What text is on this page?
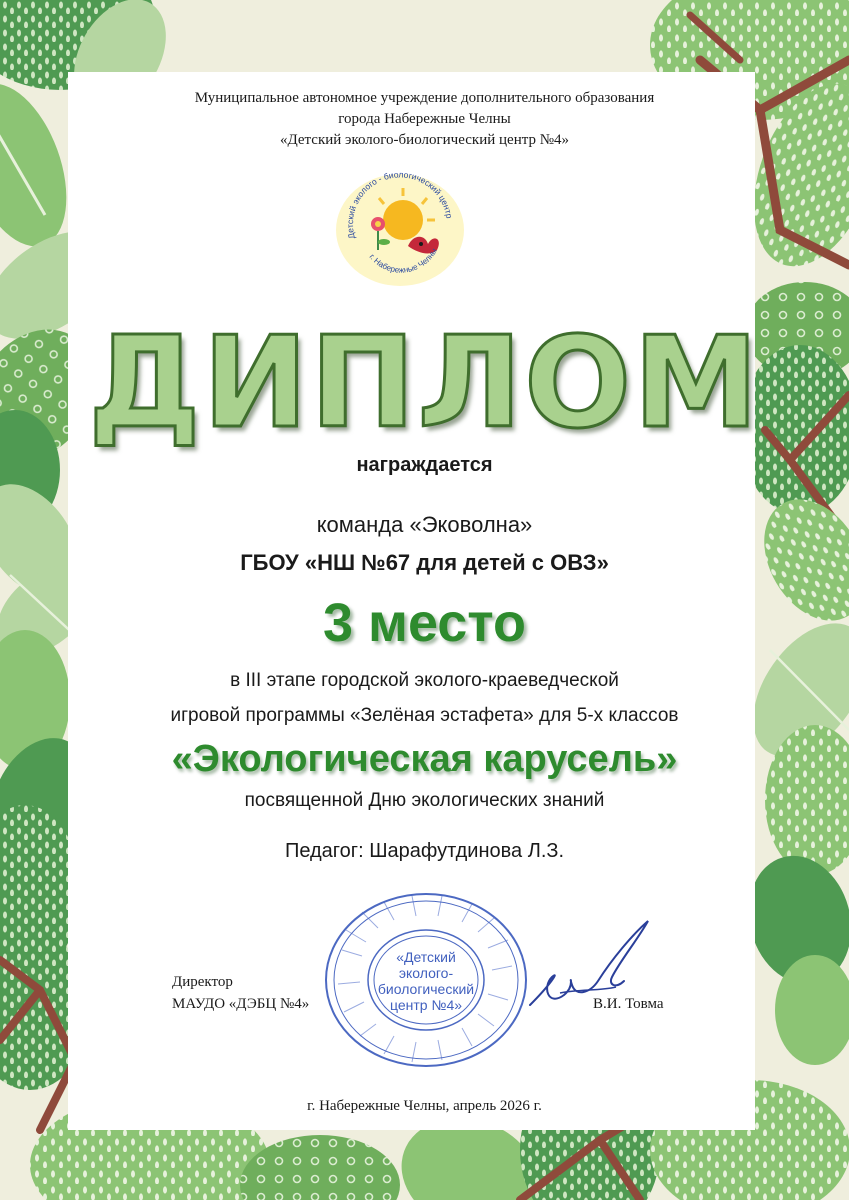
Муниципальное автономное учреждение дополнительного образования
города Набережные Челны
«Детский эколого-биологический центр №4»
Детский эколого - биологический центр
г. Набережные Челны
ДИПЛОМ
награждается
команда «Эковолна»
ГБОУ «НШ №67 для детей с ОВЗ»
3 место
в III этапе городской эколого-краеведческой
игровой программы «Зелёная эстафета» для 5-х классов
«Экологическая карусель»
посвященной Дню экологических знаний
Педагог: Шарафутдинова Л.З.
«Детский
эколого-
биологический
центр №4»
Директор
МАУДО «ДЭБЦ №4»	В.И. Товма
г. Набережные Челны, апрель 2026 г.
